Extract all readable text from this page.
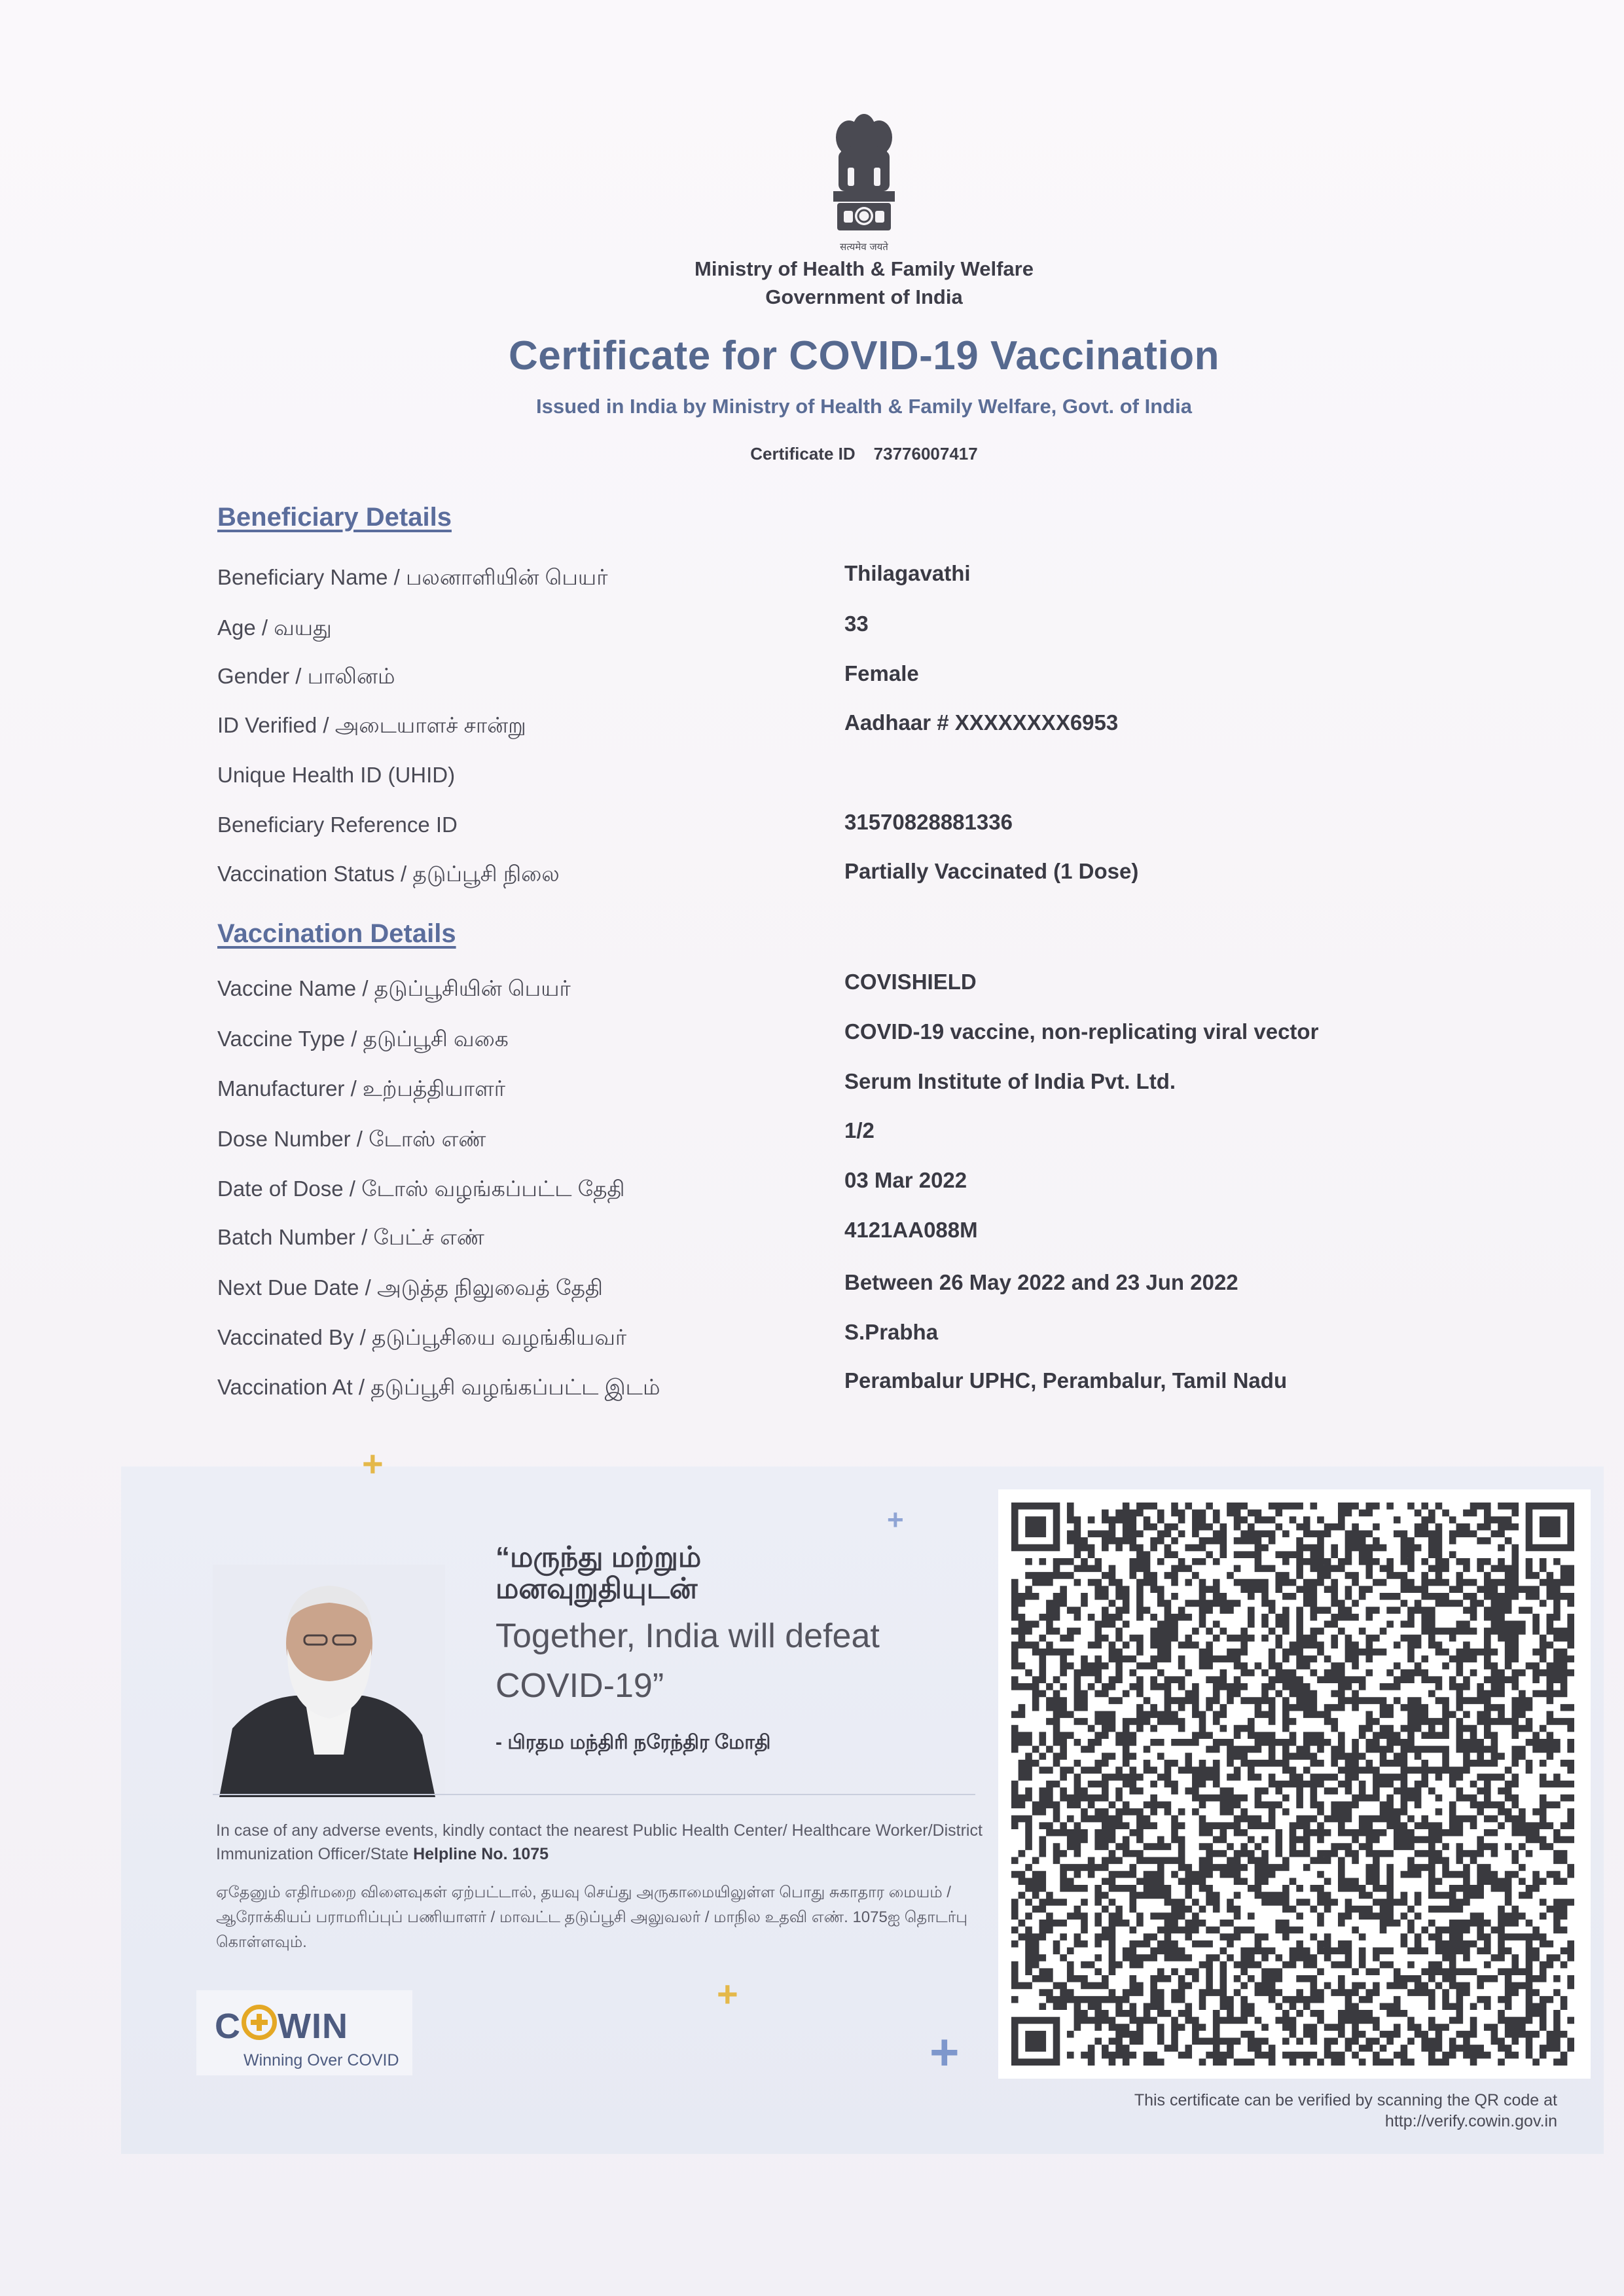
सत्यमेव जयते
Ministry of Health & Family Welfare
Government of India
Certificate for COVID-19 Vaccination
Issued in India by Ministry of Health & Family Welfare, Govt. of India
Certificate ID 73776007417
Beneficiary Details
Beneficiary Name / பலனாளியின் பெயர்	Thilagavathi
Age / வயது	33
Gender / பாலினம்	Female
ID Verified / அடையாளச் சான்று	Aadhaar # XXXXXXXX6953
Unique Health ID (UHID)
Beneficiary Reference ID	31570828881336
Vaccination Status / தடுப்பூசி நிலை	Partially Vaccinated (1 Dose)
Vaccination Details
Vaccine Name / தடுப்பூசியின் பெயர்	COVISHIELD
Vaccine Type / தடுப்பூசி வகை	COVID-19 vaccine, non-replicating viral vector
Manufacturer / உற்பத்தியாளர்	Serum Institute of India Pvt. Ltd.
Dose Number / டோஸ் எண்	1/2
Date of Dose / டோஸ் வழங்கப்பட்ட தேதி	03 Mar 2022
Batch Number / பேட்ச் எண்	4121AA088M
Next Due Date / அடுத்த நிலுவைத் தேதி	Between 26 May 2022 and 23 Jun 2022
Vaccinated By / தடுப்பூசியை வழங்கியவர்	S.Prabha
Vaccination At / தடுப்பூசி வழங்கப்பட்ட இடம்	Perambalur UPHC, Perambalur, Tamil Nadu
+
+
+
+
“மருந்து மற்றும்
மனவுறுதியுடன்
Together, India will defeat
COVID-19”
- பிரதம மந்திரி நரேந்திர மோதி
In case of any adverse events, kindly contact the nearest Public Health Center/ Healthcare Worker/District Immunization Officer/State Helpline No. 1075
ஏதேனும் எதிர்மறை விளைவுகள் ஏற்பட்டால், தயவு செய்து அருகாமையிலுள்ள பொது சுகாதார மையம் / ஆரோக்கியப் பராமரிப்புப் பணியாளர் / மாவட்ட தடுப்பூசி அலுவலர் / மாநில உதவி எண். 1075ஐ தொடர்பு கொள்ளவும்.
C WIN
Winning Over COVID
This certificate can be verified by scanning the QR code at
http://verify.cowin.gov.in
